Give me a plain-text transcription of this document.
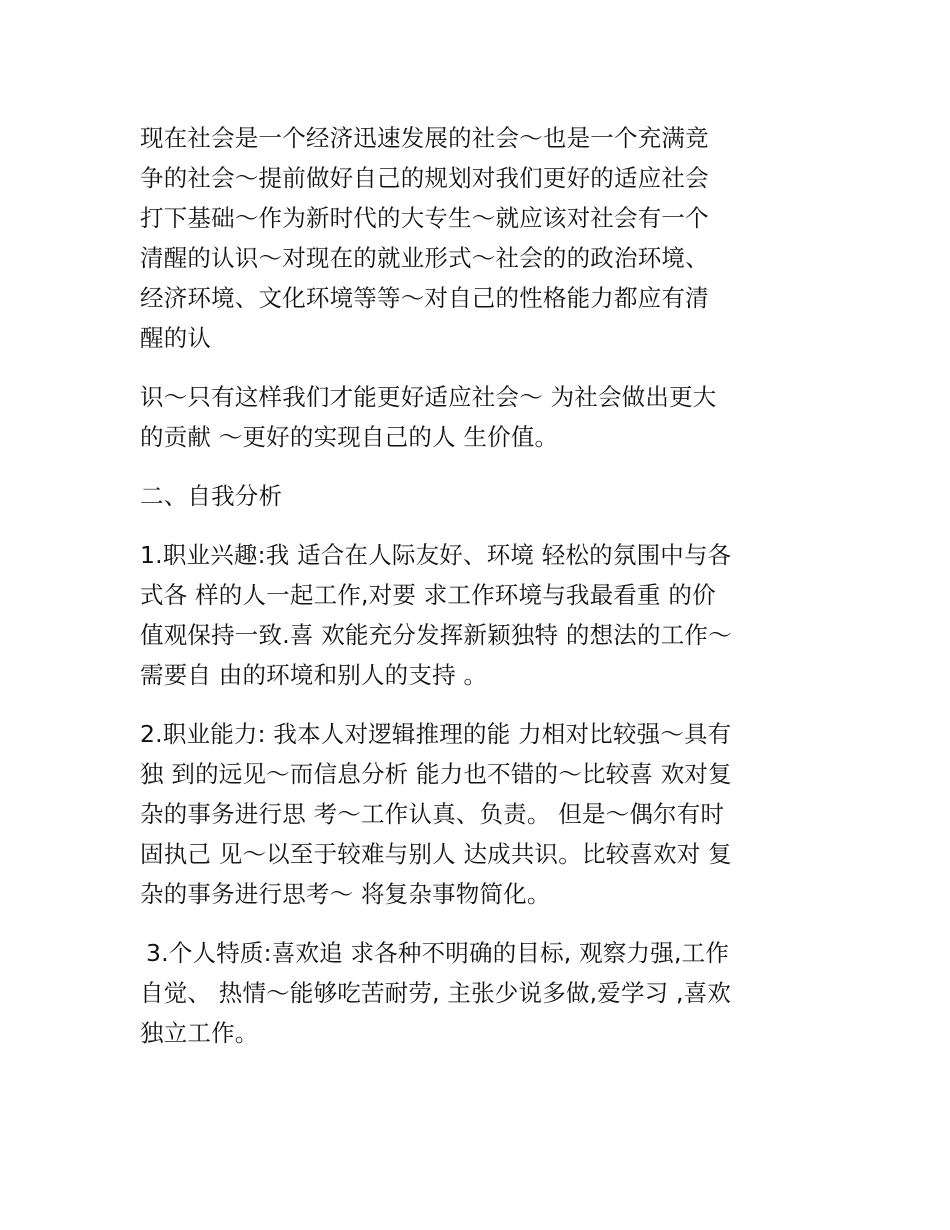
现在社会是一个经济迅速发展的社会～也是一个充满竞
争的社会～提前做好自己的规划对我们更好的适应社会
打下基础～作为新时代的大专生～就应该对社会有一个
清醒的认识～对现在的就业形式～社会的的政治环境、
经济环境、文化环境等等～对自己的性格能力都应有清
醒的认

识～只有这样我们才能更好适应社会～ 为社会做出更大
的贡献 ～更好的实现自己的人 生价值。

二、自我分析

1.职业兴趣:我 适合在人际友好、环境 轻松的氛围中与各
式各 样的人一起工作,对要 求工作环境与我最看重 的价
值观保持一致.喜 欢能充分发挥新颖独特 的想法的工作～
需要自 由的环境和别人的支持 。

2.职业能力: 我本人对逻辑推理的能 力相对比较强～具有
独 到的远见～而信息分析 能力也不错的～比较喜 欢对复
杂的事务进行思 考～工作认真、负责。 但是～偶尔有时
固执己 见～以至于较难与别人 达成共识。比较喜欢对 复
杂的事务进行思考～ 将复杂事物简化。

3.个人特质:喜欢追 求各种不明确的目标, 观察力强,工作
自觉、 热情～能够吃苦耐劳, 主张少说多做,爱学习 ,喜欢
独立工作。
